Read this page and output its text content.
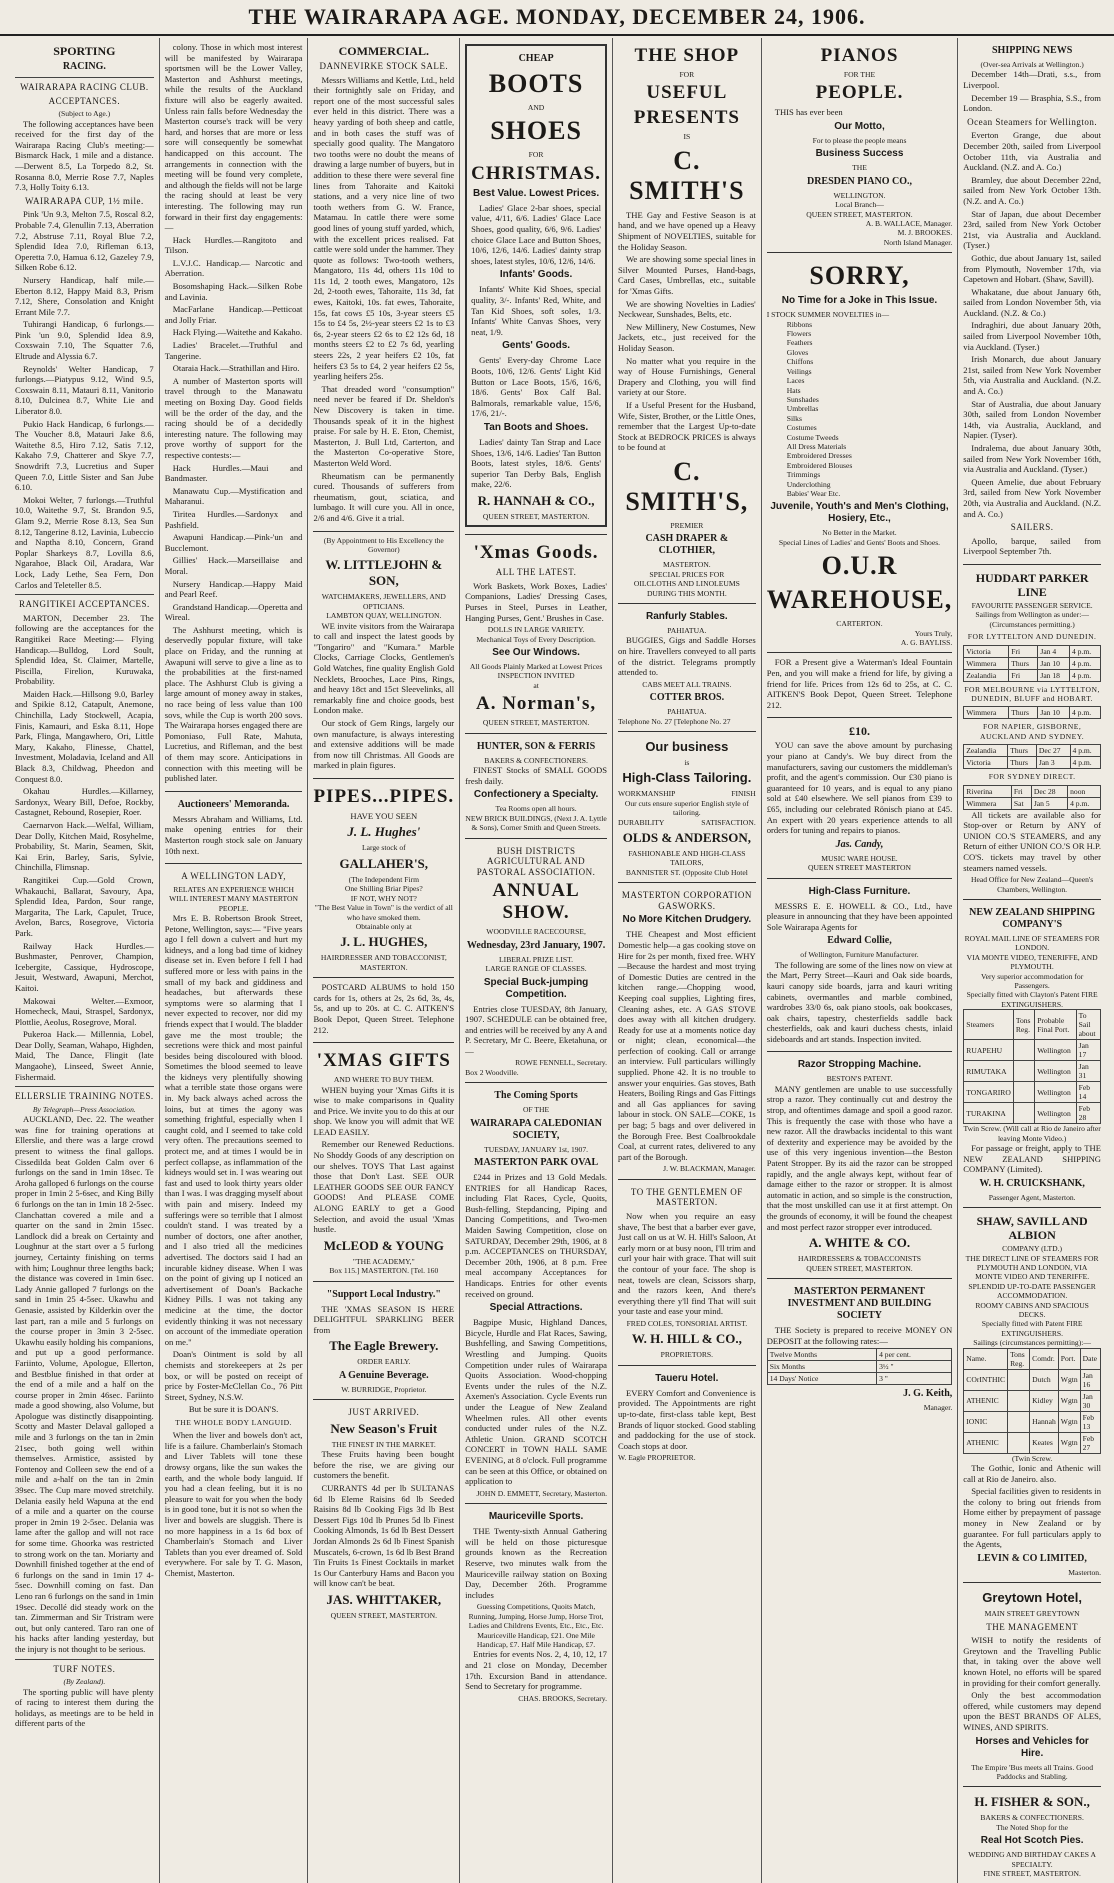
THE WAIRARAPA AGE. MONDAY, DECEMBER 24, 1906.
SPORTING
RACING.
WAIRARAPA RACING CLUB.
ACCEPTANCES.
(Subject to Age.)

The following acceptances have been received for the first day of the Wairarapa Racing Club's meeting:— Bismarck Hack, 1 mile and a distance.—Derwent 8.5, La Torpedo 8.2, St. Rosanna 8.0, Merrie Rose 7.7, Naples 7.3, Holly Toity 6.13.

WAIRARAPA CUP, 1½ mile.

Pink 'Un 9.3, Melton 7.5, Roscal 8.2, Probable 7.4, Glenullin 7.13, Aberration 7.2, Abstruse 7.11, Royal Blue 7.2, Splendid Idea 7.0, Rifleman 6.13, Operetta 7.0, Hamua 6.12, Gazeley 7.9, Silken Robe 6.12.

Nursery Handicap, half mile.—Eberton 8.12, Happy Maid 8.3, Prism 7.12, Shere, Consolation and Knight Errant Mile 7.7.

Tuhirangi Handicap, 6 furlongs.—Pink 'un 9.0, Splendid Idea 8.9, Coxswain 7.10, The Squatter 7.6, Eltrude and Alyssia 6.7.

Reynolds' Welter Handicap, 7 furlongs.—Piatypus 9.12, Wind 9.5, Coxswain 8.11, Matauri 8.11, Vanitorio 8.10, Dulcinea 8.7, White Lie and Liberator 8.0.

Pukio Hack Handicap, 6 furlongs.—The Voucher 8.8, Matauri Jake 8.6, Waitethe 8.5, Hiro 7.12, Satis 7.12, Kakaho 7.9, Chatterer and Skye 7.7, Snowdrift 7.3, Lucretius and Super Queen 7.0, Little Sister and San Jube 6.10.

Mokoi Welter, 7 furlongs.—Truthful 10.0, Waitethe 9.7, St. Brandon 9.5, Glam 9.2, Merrie Rose 8.13, Sea Sun 8.12, Tangerine 8.12, Lavinia, Lubeccio and Naptha 8.10, Concern, Grand Poplar Sharkeys 8.7, Lovilla 8.6, Ngarahoe, Black Oil, Aradara, War Lock, Lady Lethe, Sea Fern, Don Carlos and Teleteller 8.5.

RANGITIKEI ACCEPTANCES.

MARTON, December 23. The following are the acceptances for the Rangitikei Race Meeting:— Flying Handicap.—Bulldog, Lord Soult, Splendid Idea, St. Claimer, Martelle, Piscilla, Firelion, Kuruwaka, Probability.

Maiden Hack.—Hillsong 9.0, Barley and Spikie 8.12, Catapult, Anemone, Chinchilla, Lady Stockwell, Acapia, Finis, Kamauri, and Eska 8.11, Hope Park, Flinga, Mangawhero, Ori, Little Mary, Kakaho, Flinesse, Chattel, Investment, Moladavia, Iceland and All Black 8.3, Childwag, Pheedon and Conquest 8.0.

Okahau Hurdles.—Killarney, Sardonyx, Weary Bill, Defoe, Rockby, Castagnet, Rebound, Rosepier, Roer.

Caernarvon Hack.—Welfal, William, Dear Dolly, Kitchen Maid, Rosyhelme, Probability, St. Marin, Seamen, Skit, Kai Erin, Barley, Saris, Sylvie, Chinchilla, Flimsnap.

Rangitikei Cup.—Gold Crown, Whakauchi, Ballarat, Savoury, Apa, Splendid Idea, Pardon, Sour range, Margarita, The Lark, Capulet, Truce, Avelon, Barcs, Rosegrove, Victoria Park.

Railway Hack Hurdles.—Bushmaster, Penrover, Champion, Icebergite, Cassique, Hydroscope, Jesuit, Westward, Awapuni, Merchot, Kaitoi.

Makowai Welter.—Exmoor, Homecheck, Maui, Straspel, Sardonyx, Plottlie, Aeolus, Rosegrove, Moral.

Pukeroa Hack.— Millennia, Lobel, Dear Dolly, Seaman, Wahapo, Highden, Maid, The Dance, Flingit (late Mangaohe), Linseed, Sweet Annie, Fishermaid.

ELLERSLIE TRAINING NOTES.
By Telegraph—Press Association.

AUCKLAND, Dec. 22. The weather was fine for training operations at Ellerslie, and there was a large crowd present to witness the final gallops. Cissedilda beat Golden Calm over 6 furlongs on the sand in 1min 18sec. Te Aroha galloped 6 furlongs on the course proper in 1min 2 5-6sec, and King Billy 6 furlongs on the tan in 1min 18 2-5sec. Clanchattan covered a mile and a quarter on the sand in 2min 15sec. Landlock did a break on Certainty and Loughnur at the start over a 5 furlong journey, Certainty finishing on terms with him; Loughnur three lengths back; the distance was covered in 1min 6sec. Lady Annie galloped 7 furlongs on the sand in 1min 25 4-5sec. Ukawhu and Genasie, assisted by Kilderkin over the last part, ran a mile and 5 furlongs on the course proper in 3min 3 2-5sec. Ukawhu easily holding his companions, and put up a good performance. Fariinto, Volume, Apologue, Ellerton, and Bestblue finished in that order at the end of a mile and a half on the course proper in 2min 46sec. Fariinto made a good showing, also Volume, but Apologue was distinctly disappointing. Scotty and Master Delaval galloped a mile and 3 furlongs on the tan in 2min 21sec, both going well within themselves. Armistice, assisted by Fontenoy and Colleen sew the end of a mile and a-half on the tan in 2min 39sec. The Cup mare moved stretchily. Delania easily held Wapuna at the end of a mile and a quarter on the course proper in 2min 19 2-5sec. Delania was lame after the gallop and will not race for some time. Ghoorka was restricted to strong work on the tan. Moriarty and Downhill finished together at the end of 6 furlongs on the sand in 1min 17 4-5sec. Downhill coming on fast. Dan Leno ran 6 furlongs on the sand in 1min 19sec. Decollé did steady work on the tan. Zimmerman and Sir Tristram were out, but only cantered. Taro ran one of his hacks after landing yesterday, but the injury is not thought to be serious.

TURF NOTES.
(By Zealand).

The sporting public will have plenty of racing to interest them during the holidays, as meetings are to be held in different parts of the

colony. Those in which most interest will be manifested by Wairarapa sportsmen will be the Lower Valley, Masterton and Ashhurst meetings, while the results of the Auckland fixture will also be eagerly awaited. Unless rain falls before Wednesday the Masterton course's track will be very hard, and horses that are more or less sore will consequently be somewhat handicapped on this account. The arrangements in connection with the meeting will be found very complete, and although the fields will not be large the racing should at least be very interesting. The following may run forward in their first day engagements:—

Hack Hurdles.—Rangitoto and Tilson.

L.V.J.C. Handicap.— Narcotic and Aberration.

Bosomshaping Hack.—Silken Robe and Lavinia.

MacFarlane Handicap.—Petticoat and Jolly Friar.

Hack Flying.—Waitethe and Kakaho.

Ladies' Bracelet.—Truthful and Tangerine.

Otaraia Hack.—Strathillan and Hiro.

A number of Masterton sports will travel through to the Manawatu meeting on Boxing Day. Good fields will be the order of the day, and the racing should be of a decidedly interesting nature. The following may prove worthy of support for the respective contests:—

Hack Hurdles.—Maui and Bandmaster.

Manawatu Cup.—Mystification and Maharanui.

Tiritea Hurdles.—Sardonyx and Pashfield.

Awapuni Handicap.—Pink-'un and Bucclemont.

Gillies' Hack.—Marseillaise and Moral.

Nursery Handicap.—Happy Maid and Pearl Reef.

Grandstand Handicap.—Operetta and Wireal.

The Ashhurst meeting, which is deservedly popular fixture, will take place on Friday, and the running at Awapuni will serve to give a line as to the probabilities at the first-named place. The Ashhurst Club is giving a large amount of money away in stakes, no race being of less value than 100 sovs, while the Cup is worth 200 sovs. The Wairarapa horses engaged there are Pomoniaso, Full Rate, Mahuta, Lucretius, and Rifleman, and the best of them may score. Anticipations in connection with this meeting will be published later.

Auctioneers' Memoranda.

Messrs Abraham and Williams, Ltd. make opening entries for their Masterton rough stock sale on January 10th next.

A WELLINGTON LADY,
RELATES AN EXPERIENCE WHICH WILL INTEREST MANY MASTERTON PEOPLE.

Mrs E. B. Robertson Brook Street, Petone, Wellington, says:— "Five years ago I fell down a culvert and hurt my kidneys, and a long bad time of kidney disease set in. Even before I fell I had suffered more or less with pains in the small of my back and giddiness and headaches, but afterwards these symptoms were so alarming that I never expected to recover, nor did my friends expect that I would. The bladder gave me the most trouble; the secretions were thick and most painful besides being discoloured with blood. Sometimes the blood seemed to leave the kidneys very plentifully showing what a terrible state those organs were in. My back always ached across the loins, but at times the agony was something frightful, especially when I caught cold, and I seemed to take cold very often. The precautions seemed to protect me, and at times I would be in perfect collapse, as inflammation of the kidneys would set in. I was wearing out fast and used to look thirty years older than I was. I was dragging myself about with pain and misery. Indeed my sufferings were so terrible that I almost couldn't stand. I was treated by a number of doctors, one after another, and I also tried all the medicines advertised. The doctors said I had an incurable kidney disease. When I was on the point of giving up I noticed an advertisement of Doan's Backache Kidney Pills. I was not taking any medicine at the time, the doctor evidently thinking it was not necessary on account of the immediate operation on me."

Doan's Ointment is sold by all chemists and storekeepers at 2s per box, or will be posted on receipt of price by Foster-McClellan Co., 76 Pitt Street, Sydney, N.S.W.

But be sure it is DOAN'S.
THE WHOLE BODY LANGUID.

When the liver and bowels don't act, life is a failure. Chamberlain's Stomach and Liver Tablets will tone these drowsy organs, like the sun wakes the earth, and the whole body languid. If you had a clean feeling, but it is no pleasure to wait for you when the body is in good tone, but it is not so when the liver and bowels are sluggish. There is no more happiness in a 1s 6d box of Chamberlain's Stomach and Liver Tablets than you ever dreamed of. Sold everywhere. For sale by T. G. Mason, Chemist, Masterton.

COMMERCIAL.
DANNEVIRKE STOCK SALE.

Messrs Williams and Kettle, Ltd., held their fortnightly sale on Friday, and report one of the most successful sales ever held in this district. There was a heavy yarding of both sheep and cattle, and in both cases the stuff was of specially good quality. The Mangatoro two tooths were no doubt the means of drawing a large number of buyers, but in addition to these there were several fine lines from Tahoraite and Kaitoki stations, and a very nice line of two tooth wethers from G. W. France, Matamau. In cattle there were some good lines of young stuff yarded, which, with the excellent prices realised. Fat cattle were sold under the hammer. They quote as follows: Two-tooth wethers, Mangatoro, 11s 4d, others 11s 10d to 11s 1d, 2 tooth ewes, Mangatoro, 12s 2d, 2-tooth ewes, Tahoraite, 11s 3d, fat ewes, Kaitoki, 10s. fat ewes, Tahoraite, 15s, fat cows £5 10s, 3-year steers £5 15s to £4 5s, 2½-year steers £2 1s to £3 6s, 2-year steers £2 6s to £2 12s 6d, 18 months steers £2 to £2 7s 6d, yearling steers 22s, 2 year heifers £2 10s, fat heifers £3 5s to £4, 2 year heifers £2 5s, yearling heifers 25s.

That dreaded word "consumption" need never be feared if Dr. Sheldon's New Discovery is taken in time. Thousands speak of it in the highest praise. For sale by H. E. Eton, Chemist, Masterton, J. Bull Ltd, Carterton, and the Masterton Co-operative Store, Masterton Weld Word.

Rheumatism can be permanently cured. Thousands of sufferers from rheumatism, gout, sciatica, and lumbago. It will cure you. All in once, 2/6 and 4/6. Give it a trial.

(By Appointment to His Excellency the Governor)
W. LITTLEJOHN & SON,
WATCHMAKERS, JEWELLERS, AND OPTICIANS.
LAMBTON QUAY, WELLINGTON.

WE invite visitors from the Wairarapa to call and inspect the latest goods by "Tongariro" and "Kumara." Marble Clocks, Carriage Clocks, Gentlemen's Gold Watches, fine quality English Gold Necklets, Brooches, Lace Pins, Rings, and heavy 18ct and 15ct Sleevelinks, all remarkably fine and choice goods, best London make.

Our stock of Gem Rings, largely our own manufacture, is always interesting and extensive additions will be made from now till Christmas. All Goods are marked in plain figures.

PIPES...PIPES.
HAVE YOU SEEN
J. L. Hughes'
Large stock of
GALLAHER'S,
(The Independent Firm
One Shilling Briar Pipes?
IF NOT, WHY NOT?
"The Best Value in Town" is the verdict of all who have smoked them.
Obtainable only at
J. L. HUGHES,
HAIRDRESSER AND TOBACCONIST,
MASTERTON.

POSTCARD ALBUMS to hold 150 cards for 1s, others at 2s, 2s 6d, 3s, 4s, 5s, and up to 20s. at C. C. AITKEN'S Book Depot, Queen Street. Telephone 212.

'XMAS GIFTS
AND WHERE TO BUY THEM.

WHEN buying your 'Xmas Gifts it is wise to make comparisons in Quality and Price. We invite you to do this at our shop. We know you will admit that WE LEAD EASILY.

Remember our Renewed Reductions. No Shoddy Goods of any description on our shelves. TOYS That Last against those that Don't Last. SEE OUR LEATHER GOODS SEE OUR FANCY GOODS! And PLEASE COME ALONG EARLY to get a Good Selection, and avoid the usual 'Xmas hustle.

McLEOD & YOUNG
"THE ACADEMY,"
Box 115.] MASTERTON. [Tel. 160
"Support Local Industry."

THE 'XMAS SEASON IS HERE DELIGHTFUL SPARKLING BEER from

The Eagle Brewery.
ORDER EARLY.
A Genuine Beverage.
W. BURRIDGE, Proprietor.
JUST ARRIVED.
New Season's Fruit
THE FINEST IN THE MARKET.

These Fruits having been bought before the rise, we are giving our customers the benefit.

CURRANTS 4d per lb SULTANAS 6d lb Eleme Raisins 6d lb Seeded Raisins 8d lb Cooking Figs 3d lb Best Dessert Figs 10d lb Prunes 5d lb Finest Cooking Almonds, 1s 6d lb Best Dessert Jordan Almonds 2s 6d lb Finest Spanish Muscatels, 6-crown, 1s 6d lb Best Brand Tin Fruits 1s Finest Cocktails in market 1s Our Canterbury Hams and Bacon you will know can't be beat.

JAS. WHITTAKER,
QUEEN STREET, MASTERTON.
CHEAP
BOOTS
AND
SHOES
FOR
CHRISTMAS.
Best Value. Lowest Prices.

Ladies' Glace 2-bar shoes, special value, 4/11, 6/6. Ladies' Glace Lace Shoes, good quality, 6/6, 9/6. Ladies' choice Glace Lace and Button Shoes, 10/6, 12/6, 14/6. Ladies' dainty strap shoes, latest styles, 10/6, 12/6, 14/6.

Infants' Goods.

Infants' White Kid Shoes, special quality, 3/-. Infants' Red, White, and Tan Kid Shoes, soft soles, 1/3. Infants' White Canvas Shoes, very neat, 1/9.

Gents' Goods.

Gents' Every-day Chrome Lace Boots, 10/6, 12/6. Gents' Light Kid Button or Lace Boots, 15/6, 16/6, 18/6. Gents' Box Calf Bal. Balmorals, remarkable value, 15/6, 17/6, 21/-.

Tan Boots and Shoes.

Ladies' dainty Tan Strap and Lace Shoes, 13/6, 14/6. Ladies' Tan Button Boots, latest styles, 18/6. Gents' superior Tan Derby Bals, English make, 22/6.

R. HANNAH & CO.,
QUEEN STREET, MASTERTON.
'Xmas Goods.
ALL THE LATEST.

Work Baskets, Work Boxes, Ladies' Companions, Ladies' Dressing Cases, Purses in Steel, Purses in Leather, Hanging Purses, Gent.' Brushes in Case.

DOLLS IN LARGE VARIETY.
Mechanical Toys of Every Description.
See Our Windows.
All Goods Plainly Marked at Lowest Prices
INSPECTION INVITED
at
A. Norman's,
QUEEN STREET, MASTERTON.
HUNTER, SON & FERRIS
BAKERS & CONFECTIONERS.

FINEST Stocks of SMALL GOODS fresh daily.

Confectionery a Specialty.
Tea Rooms open all hours.
NEW BRICK BUILDINGS, (Next J. A. Lyttle & Sons), Corner Smith and Queen Streets.
BUSH DISTRICTS AGRICULTURAL AND PASTORAL ASSOCIATION.
ANNUAL SHOW.
WOODVILLE RACECOURSE,
Wednesday, 23rd January, 1907.
LIBERAL PRIZE LIST.
LARGE RANGE OF CLASSES.
Special Buck-jumping Competition.

Entries close TUESDAY, 8th January, 1907. SCHEDULE can be obtained free, and entries will be received by any A and P. Secretary, Mr C. Beere, Eketahuna, or—

ROWE FENNELL, Secretary.
Box 2 Woodville.
The Coming Sports
OF THE
WAIRARAPA CALEDONIAN SOCIETY,
TUESDAY, JANUARY 1st, 1907.
MASTERTON PARK OVAL

£244 in Prizes and 13 Gold Medals. ENTRIES for all Handicap Races, including Flat Races, Cycle, Quoits, Bush-felling, Stepdancing, Piping and Dancing Competitions, and Two-men Maiden Sawing Competition, close on SATURDAY, December 29th, 1906, at 8 p.m. ACCEPTANCES on THURSDAY, December 20th, 1906, at 8 p.m. Free meal accompany Acceptances for Handicaps. Entries for other events received on ground.

Special Attractions.

Bagpipe Music, Highland Dances, Bicycle, Hurdle and Flat Races, Sawing, Bushfelling, and Sawing Competitions, Wrestling and Jumping. Quoits Competition under rules of Wairarapa Quoits Association. Wood-chopping Events under the rules of the N.Z. Axemen's Association. Cycle Events run under the League of New Zealand Wheelmen rules. All other events conducted under rules of the N.Z. Athletic Union. GRAND SCOTCH CONCERT in TOWN HALL SAME EVENING, at 8 o'clock. Full programme can be seen at this Office, or obtained on application to

JOHN D. EMMETT, Secretary, Masterton.
Mauriceville Sports.

THE Twenty-sixth Annual Gathering will be held on those picturesque grounds known as the Recreation Reserve, two minutes walk from the Mauriceville railway station on Boxing Day, December 26th. Programme includes

Guessing Competitions, Quoits Match, Running, Jumping, Horse Jump, Horse Trot, Ladies and Childrens Events, Etc., Etc., Etc.
Mauriceville Handicap, £21. One Mile Handicap, £7. Half Mile Handicap, £7.

Entries for events Nos. 2, 4, 10, 12, 17 and 21 close on Monday, December 17th. Excursion Band in attendance. Send to Secretary for programme.

CHAS. BROOKS, Secretary.
THE SHOP
FOR
USEFUL
PRESENTS
IS
C. SMITH'S

THE Gay and Festive Season is at hand, and we have opened up a Heavy Shipment of NOVELTIES, suitable for the Holiday Season.

We are showing some special lines in Silver Mounted Purses, Hand-bags, Card Cases, Umbrellas, etc., suitable for 'Xmas Gifts.

We are showing Novelties in Ladies' Neckwear, Sunshades, Belts, etc.

New Millinery, New Costumes, New Jackets, etc., just received for the Holiday Season.

No matter what you require in the way of House Furnishings, General Drapery and Clothing, you will find variety at our Store.

If a Useful Present for the Husband, Wife, Sister, Brother, or the Little Ones, remember that the Largest Up-to-date Stock at BEDROCK PRICES is always to be found at

C. SMITH'S,
PREMIER
CASH DRAPER & CLOTHIER,
MASTERTON.
SPECIAL PRICES FOR
OILCLOTHS AND LINOLEUMS
DURING THIS MONTH.
Ranfurly Stables.
PAHIATUA.

BUGGIES, Gigs and Saddle Horses on hire. Travellers conveyed to all parts of the district. Telegrams promptly attended to.

CABS MEET ALL TRAINS.
COTTER BROS.
PAHIATUA.
Telephone No. 27 [Telephone No. 27
Our business
is
High-Class Tailoring.
WORKMANSHIP	FINISH
Our cuts ensure superior English style of tailoring.
DURABILITY	SATISFACTION.
OLDS & ANDERSON,
FASHIONABLE AND HIGH-CLASS TAILORS,
BANNISTER ST. (Opposite Club Hotel
MASTERTON CORPORATION GASWORKS.
No More Kitchen Drudgery.

THE Cheapest and Most efficient Domestic help—a gas cooking stove on Hire for 2s per month, fixed free. WHY—Because the hardest and most trying of Domestic Duties are centred in the kitchen range.—Chopping wood, Keeping coal supplies, Lighting fires, Cleaning ashes, etc. A GAS STOVE does away with all kitchen drudgery. Ready for use at a moments notice day or night; clean, economical—the perfection of cooking. Call or arrange an interview. Full particulars willingly supplied. Phone 42. It is no trouble to answer your enquiries. Gas stoves, Bath Heaters, Boiling Rings and Gas Fittings and all Gas appliances for saving labour in stock. ON SALE—COKE, 1s per bag; 5 bags and over delivered in the Borough Free. Best Coalbrookdale Coal, at current rates, delivered to any part of the Borough.

J. W. BLACKMAN, Manager.
TO THE GENTLEMEN OF MASTERTON.

Now when you require an easy shave, The best that a barber ever gave, Just call on us at W. H. Hill's Saloon, At early morn or at busy noon, I'll trim and curl your hair with grace. That will suit the contour of your face. The shop is neat, towels are clean, Scissors sharp, and the razors keen, And there's everything there y'll find That will suit your taste and ease your mind.

FRED COLES, TONSORIAL ARTIST.
W. H. HILL & CO.,
PROPRIETORS.
Taueru Hotel.

EVERY Comfort and Convenience is provided. The Appointments are right up-to-date, first-class table kept, Best Brands of liquor stocked. Good stabling and paddocking for the use of stock. Coach stops at door.

W. Eagle PROPRIETOR.
PIANOS
FOR THE
PEOPLE.

THIS has ever been

Our Motto,
For to please the people means
Business Success
THE
DRESDEN PIANO CO.,
WELLINGTON.
Local Branch—
QUEEN STREET, MASTERTON.
A. B. WALLACE, Manager.
M. J. BROOKES.
North Island Manager.
SORRY,
No Time for a Joke in This Issue.
I STOCK SUMMER NOVELTIES in—
Ribbons
Flowers
Feathers
Gloves
Chiffons
Veilings
Laces
Hats
Sunshades
Umbrellas
Silks
Costumes
Costume Tweeds
All Dress Materials
Embroidered Dresses
Embroidered Blouses
Trimmings
Underclothing
Babies' Wear Etc.
Juvenile, Youth's and Men's Clothing, Hosiery, Etc.,
No Better in the Market.
Special Lines of Ladies' and Gents' Boots and Shoes.
O.U.R
WAREHOUSE,
CARTERTON.
Yours Truly,
A. G. BAYLISS.

FOR a Present give a Waterman's Ideal Fountain Pen, and you will make a friend for life, by giving a friend for life. Prices from 12s 6d to 25s, at C. C. AITKEN'S Book Depot, Queen Street. Telephone 212.

£10.

YOU can save the above amount by purchasing your piano at Candy's. We buy direct from the manufacturers, saving our customers the middleman's profit, and the agent's commission. Our £30 piano is guaranteed for 10 years, and is equal to any piano sold at £40 elsewhere. We sell pianos from £39 to £65, including our celebrated Rönisch piano at £45. An expert with 20 years experience attends to all orders for tuning and repairs to pianos.

Jas. Candy,
MUSIC WARE HOUSE.
QUEEN STREET MASTERTON
High-Class Furniture.

MESSRS E. E. HOWELL & CO., Ltd., have pleasure in announcing that they have been appointed Sole Wairarapa Agents for

Edward Collie,
of Wellington, Furniture Manufacturer.

The following are some of the lines now on view at the Mart, Perry Street—Kauri and Oak side boards, kauri canopy side boards, jarra and kauri writing cabinets, overmantles and marble combined, wardrobes 33/0 6s, oak piano stools, oak bookcases, oak chairs, tapestry, chesterfields saddle back chesterfields, oak and kauri duchess chests, inlaid sideboards and art stands. Inspection invited.

Razor Stropping Machine.
BESTON'S PATENT.

MANY gentlemen are unable to use successfully strop a razor. They continually cut and destroy the strop, and oftentimes damage and spoil a good razor. This is frequently the case with those who have a new razor. All the drawbacks incidental to this want of dexterity and experience may be avoided by the use of this very ingenious invention—the Beston Patent Stropper. By its aid the razor can be stropped rapidly, and the angle always kept, without fear of damage either to the razor or stropper. It is almost automatic in action, and so simple is the construction, that the most unskilled can use it at first attempt. On the grounds of economy, it will be found the cheapest and most perfect razor stropper ever introduced.

A. WHITE & CO.
HAIRDRESSERS & TOBACCONISTS
QUEEN STREET, MASTERTON.
MASTERTON PERMANENT INVESTMENT AND BUILDING SOCIETY

THE Society is prepared to receive MONEY ON DEPOSIT at the following rates:—

Twelve Months	4 per cent.
Six Months	3½ "
14 Days' Notice	3 "
J. G. Keith,
Manager.
SHIPPING NEWS
(Over-sea Arrivals at Wellington.)

December 14th—Drati, s.s., from Liverpool.

December 19 — Brasphia, S.S., from London.

Ocean Steamers for Wellington.

Everton Grange, due about December 20th, sailed from Liverpool October 11th, via Australia and Auckland. (N.Z. and A. Co.)

Bramley, due about December 22nd, sailed from New York October 13th. (N.Z. and A. Co.)

Star of Japan, due about December 23rd, sailed from New York October 21st, via Australia and Auckland. (Tyser.)

Gothic, due about January 1st, sailed from Plymouth, November 17th, via Capetown and Hobart. (Shaw, Savill).

Whakatane, due about January 6th, sailed from London November 5th, via Auckland. (N.Z. & Co.)

Indraghiri, due about January 20th, sailed from Liverpool November 10th, via Auckland. (Tyser.)

Irish Monarch, due about January 21st, sailed from New York November 5th, via Australia and Auckland. (N.Z. and A. Co.)

Star of Australia, due about January 30th, sailed from London November 14th, via Australia, Auckland, and Napier. (Tyser).

Indralema, due about January 30th, sailed from New York November 16th, via Australia and Auckland. (Tyser.)

Queen Amelie, due about February 3rd, sailed from New York November 20th, via Australia and Auckland. (N.Z. and A. Co.)

SAILERS.

Apollo, barque, sailed from Liverpool September 7th.

HUDDART PARKER LINE
FAVOURITE PASSENGER SERVICE.
Sailings from Wellington as under:—
(Circumstances permitting.)
FOR LYTTELTON AND DUNEDIN.
Victoria	Fri	Jan 4	4 p.m.
Wimmera	Thurs	Jan 10	4 p.m.
Zealandia	Fri	Jan 18	4 p.m.
FOR MELBOURNE via LYTTELTON, DUNEDIN, BLUFF and HOBART.
Wimmera	Thurs	Jan 10	4 p.m.
FOR NAPIER, GISBORNE, AUCKLAND AND SYDNEY.
Zealandia	Thurs	Dec 27	4 p.m.
Victoria	Thurs	Jan 3	4 p.m.
FOR SYDNEY DIRECT.
Riverina	Fri	Dec 28	noon
Wimmera	Sat	Jan 5	4 p.m.

All tickets are available also for Stop-over or Return by ANY of UNION CO.'S STEAMERS, and any Return of either UNION CO.'S OR H.P. CO'S. tickets may travel by other steamers named vessels.

Head Office for New Zealand—Queen's Chambers, Wellington.
NEW ZEALAND SHIPPING COMPANY'S
ROYAL MAIL LINE OF STEAMERS FOR LONDON.
VIA MONTE VIDEO, TENERIFFE, AND PLYMOUTH.
Very superior accommodation for Passengers.
Specially fitted with Clayton's Patent FIRE EXTINGUISHERS.
Steamers	Tons Reg.	Probable Final Port.	To Sail about
RUAPEHU		Wellington	Jan 17
RIMUTAKA		Wellington	Jan 31
TONGARIRO		Wellington	Feb 14
TURAKINA		Wellington	Feb 28
Twin Screw. (Will call at Rio de Janeiro after leaving Monte Video.)

For passage or freight, apply to THE NEW ZEALAND SHIPPING COMPANY (Limited).

W. H. CRUICKSHANK,
Passenger Agent, Masterton.
SHAW, SAVILL AND ALBION
COMPANY (LTD.)
THE DIRECT LINE OF STEAMERS FOR PLYMOUTH AND LONDON, VIA MONTE VIDEO AND TENERIFFE.
SPLENDID UP-TO-DATE PASSENGER ACCOMMODATION.
ROOMY CABINS AND SPACIOUS DECKS.
Specially fitted with Patent FIRE EXTINGUISHERS.
Sailings (circumstances permitting):—
Name.	Tons Reg.	Comdr.	Port.	Date
COrINTHIC		Dutch	Wgtn	Jan 16
ATHENIC		Kidley	Wgtn	Jan 30
IONIC		Hannah	Wgtn	Feb 13
ATHENIC		Keates	Wgtn	Feb 27
(Twin Screw.

The Gothic, Ionic and Athenic will call at Rio de Janeiro. also.

Special facilities given to residents in the colony to bring out friends from Home either by prepayment of passage money in New Zealand or by guarantee. For full particulars apply to the Agents,

LEVIN & CO LIMITED,
Masterton.
Greytown Hotel,
MAIN STREET GREYTOWN
THE MANAGEMENT

WISH to notify the residents of Greytown and the Travelling Public that, in taking over the above well known Hotel, no efforts will be spared in providing for their comfort generally.

Only the best accommodation offered, while customers may depend upon the BEST BRANDS OF ALES, WINES, AND SPIRITS.

Horses and Vehicles for Hire.
The Empire 'Bus meets all Trains. Good Paddocks and Stabling.
H. FISHER & SON.,
BAKERS & CONFECTIONERS.
The Noted Shop for the
Real Hot Scotch Pies.
WEDDING AND BIRTHDAY CAKES A SPECIALTY.
FINE STREET, MASTERTON.
